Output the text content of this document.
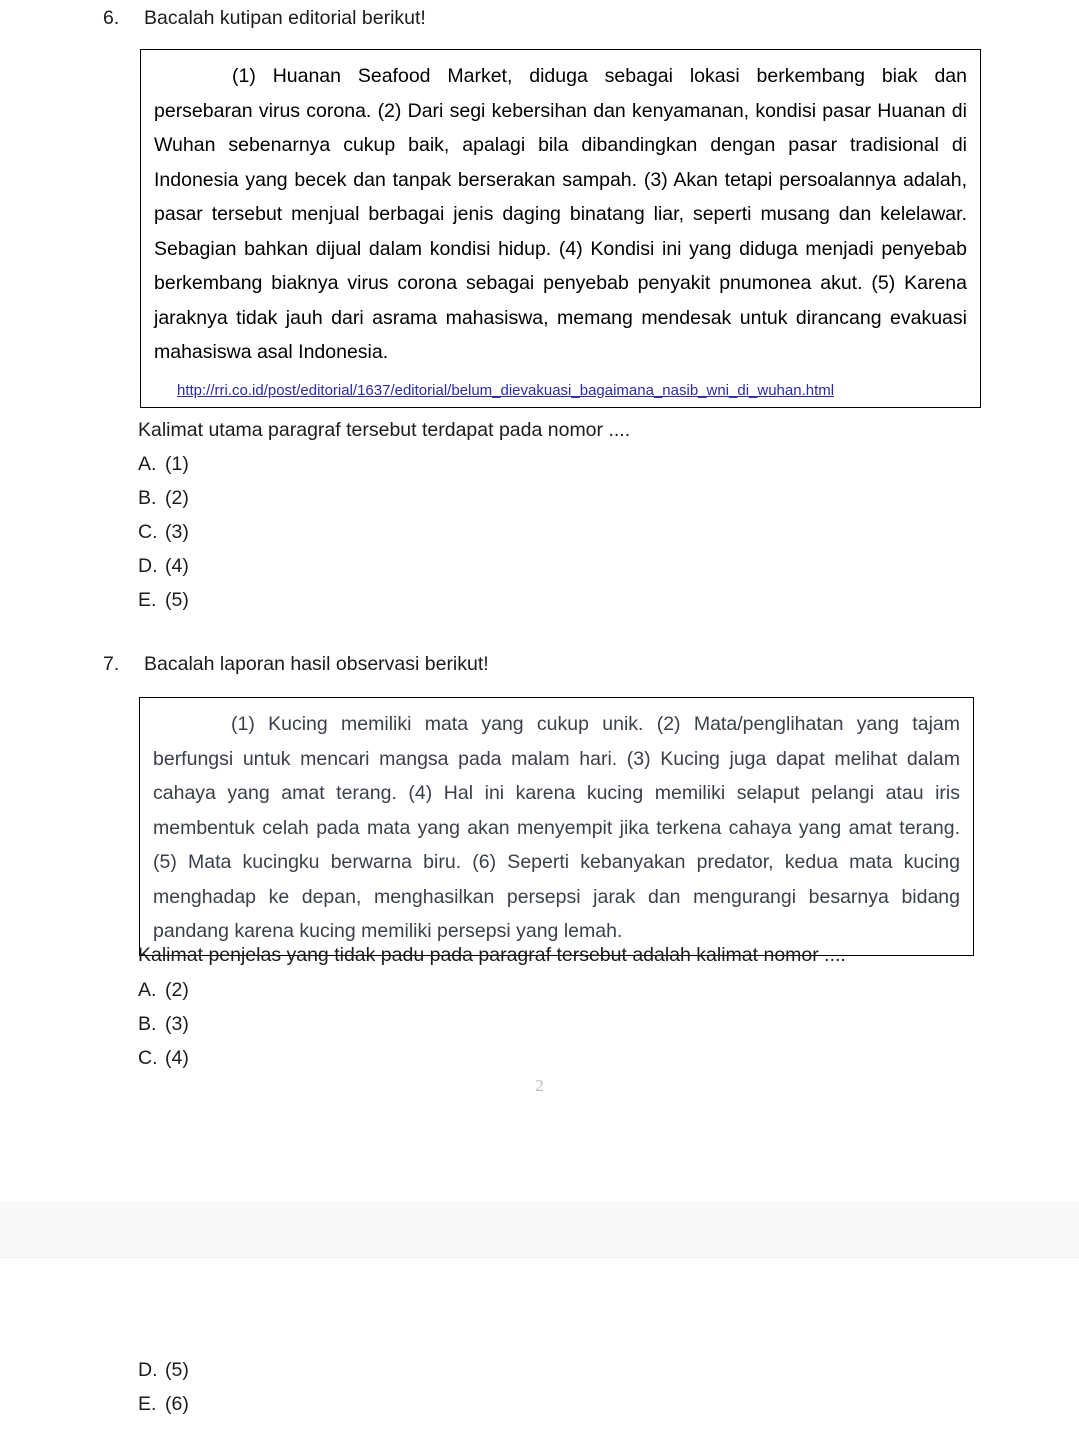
6.	Bacalah kutipan editorial berikut!

(1) Huanan Seafood Market, diduga sebagai lokasi berkembang biak dan persebaran virus corona. (2) Dari segi kebersihan dan kenyamanan, kondisi pasar Huanan di Wuhan sebenarnya cukup baik, apalagi bila dibandingkan dengan pasar tradisional di Indonesia yang becek dan tanpak berserakan sampah. (3) Akan tetapi persoalannya adalah, pasar tersebut menjual berbagai jenis daging binatang liar, seperti musang dan kelelawar. Sebagian bahkan dijual dalam kondisi hidup. (4) Kondisi ini yang diduga menjadi penyebab berkembang biaknya virus corona sebagai penyebab penyakit pnumonea akut. (5) Karena jaraknya tidak jauh dari asrama mahasiswa, memang mendesak untuk dirancang evakuasi mahasiswa asal Indonesia.

http://rri.co.id/post/editorial/1637/editorial/belum_dievakuasi_bagaimana_nasib_wni_di_wuhan.html

Kalimat utama paragraf tersebut terdapat pada nomor ....
A. (1)
B. (2)
C. (3)
D. (4)
E. (5)
7.	Bacalah laporan hasil observasi berikut!

(1) Kucing memiliki mata yang cukup unik. (2) Mata/penglihatan yang tajam berfungsi untuk mencari mangsa pada malam hari. (3) Kucing juga dapat melihat dalam cahaya yang amat terang. (4) Hal ini karena kucing memiliki selaput pelangi atau iris membentuk celah pada mata yang akan menyempit jika terkena cahaya yang amat terang. (5) Mata kucingku berwarna biru. (6) Seperti kebanyakan predator, kedua mata kucing menghadap ke depan, menghasilkan persepsi jarak dan mengurangi besarnya bidang pandang karena kucing memiliki persepsi yang lemah.

Kalimat penjelas yang tidak padu pada paragraf tersebut adalah kalimat nomor ....
A. (2)
B. (3)
C. (4)
2
D. (5)
E. (6)
